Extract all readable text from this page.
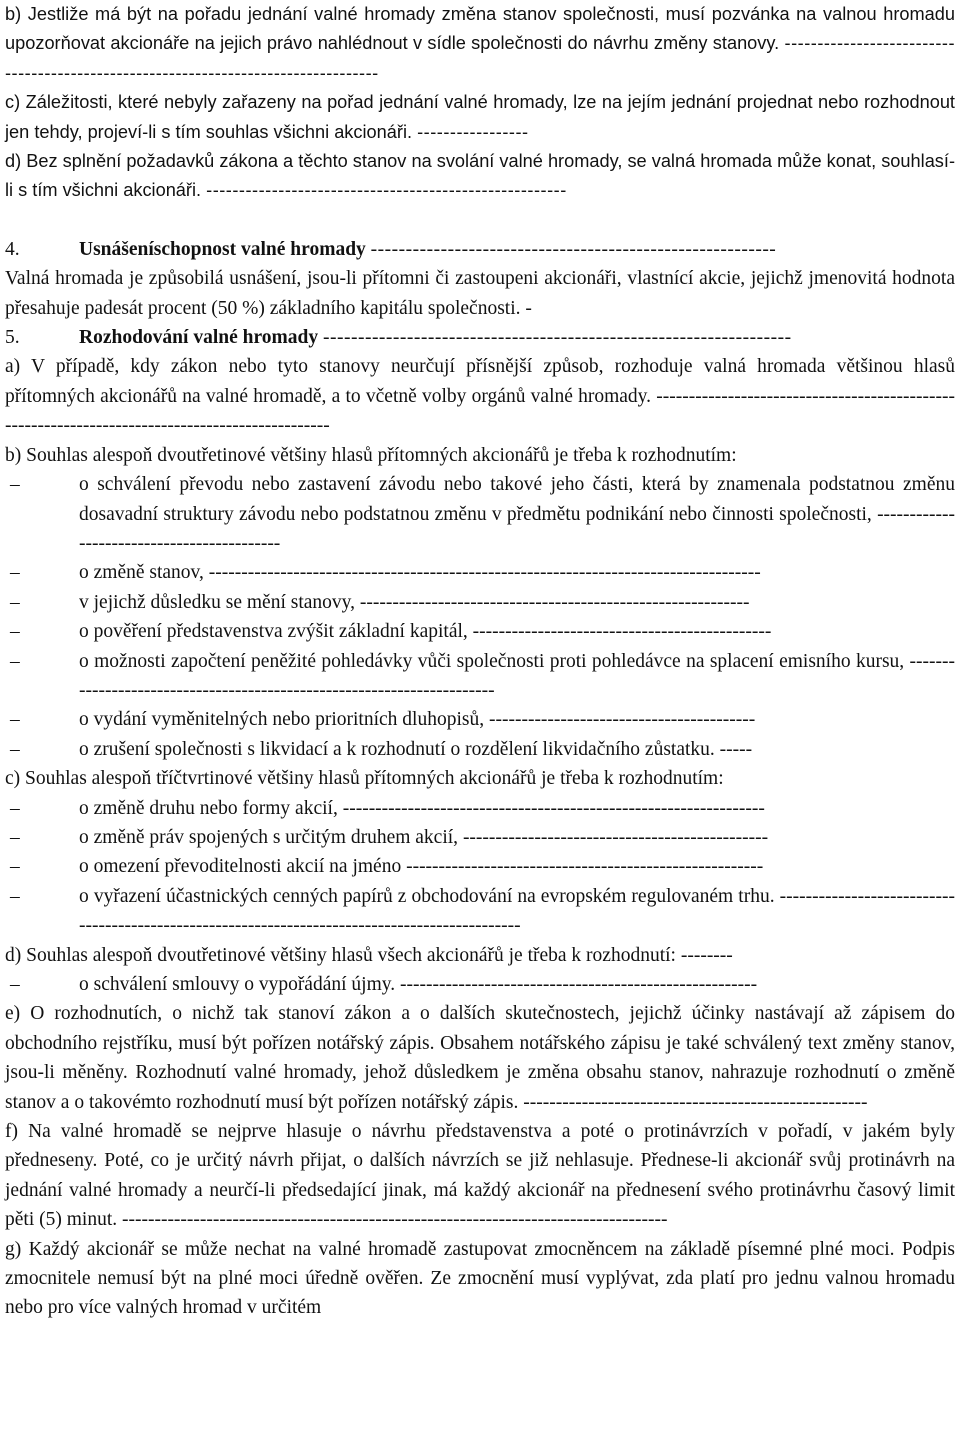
b) Jestliže má být na pořadu jednání valné hromady změna stanov společnosti, musí pozvánka na valnou hromadu upozorňovat akcionáře na jejich právo nahlédnout v sídle společnosti do návrhu změny stanovy. -----------------------------------------------------------------------------------

c) Záležitosti, které nebyly zařazeny na pořad jednání valné hromady, lze na jejím jednání projednat nebo rozhodnout jen tehdy, projeví-li s tím souhlas všichni akcionáři. -----------------

d) Bez splnění požadavků zákona a těchto stanov na svolání valné hromady, se valná hromada může konat, souhlasí-li s tím všichni akcionáři. -------------------------------------------------------

4.	Usnášeníschopnost valné hromady ----------------------------------------------------------

Valná hromada je způsobilá usnášení, jsou-li přítomni či zastoupeni akcionáři, vlastnící akcie, jejichž jmenovitá hodnota přesahuje padesát procent (50 %) základního kapitálu společnosti. -

5.	Rozhodování valné hromady -------------------------------------------------------------------

a) V případě, kdy zákon nebo tyto stanovy neurčují přísnější způsob, rozhoduje valná hromada většinou hlasů přítomných akcionářů na valné hromadě, a to včetně volby orgánů valné hromady. ------------------------------------------------------------------------------------------------

b) Souhlas alespoň dvoutřetinové většiny hlasů přítomných akcionářů je třeba k rozhodnutím:

–	o schválení převodu nebo zastavení závodu nebo takové jeho části, která by znamenala podstatnou změnu dosavadní struktury závodu nebo podstatnou změnu v předmětu podnikání nebo činnosti společnosti, -------------------------------------------
–	o změně stanov, -------------------------------------------------------------------------------------
–	v jejichž důsledku se mění stanovy, ------------------------------------------------------------
–	o pověření představenstva zvýšit základní kapitál, ----------------------------------------------
–	o možnosti započtení peněžité pohledávky vůči společnosti proti pohledávce na splacení emisního kursu, -----------------------------------------------------------------------
–	o vydání vyměnitelných nebo prioritních dluhopisů, -----------------------------------------
–	o zrušení společnosti s likvidací a k rozhodnutí o rozdělení likvidačního zůstatku. -----

c) Souhlas alespoň tříčtvrtinové většiny hlasů přítomných akcionářů je třeba k rozhodnutím:

–	o změně druhu nebo formy akcií, -----------------------------------------------------------------
–	o změně práv spojených s určitým druhem akcií, -----------------------------------------------
–	o omezení převoditelnosti akcií na jméno -------------------------------------------------------
–	o vyřazení účastnických cenných papírů z obchodování na evropském regulovaném trhu. -----------------------------------------------------------------------------------------------

d) Souhlas alespoň dvoutřetinové většiny hlasů všech akcionářů je třeba k rozhodnutí: --------

–	o schválení smlouvy o vypořádání újmy. -------------------------------------------------------

e) O rozhodnutích, o nichž tak stanoví zákon a o dalších skutečnostech, jejichž účinky nastávají až zápisem do obchodního rejstříku, musí být pořízen notářský zápis. Obsahem notářského zápisu je také schválený text změny stanov, jsou-li měněny. Rozhodnutí valné hromady, jehož důsledkem je změna obsahu stanov, nahrazuje rozhodnutí o změně stanov a o takovémto rozhodnutí musí být pořízen notářský zápis. -----------------------------------------------------

f) Na valné hromadě se nejprve hlasuje o návrhu představenstva a poté o protinávrzích v pořadí, v jakém byly předneseny. Poté, co je určitý návrh přijat, o dalších návrzích se již nehlasuje. Přednese-li akcionář svůj protinávrh na jednání valné hromady a neurčí-li předsedající jinak, má každý akcionář na přednesení svého protinávrhu časový limit pěti (5) minut. ------------------------------------------------------------------------------------

g) Každý akcionář se může nechat na valné hromadě zastupovat zmocněncem na základě písemné plné moci. Podpis zmocnitele nemusí být na plné moci úředně ověřen. Ze zmocnění musí vyplývat, zda platí pro jednu valnou hromadu nebo pro více valných hromad v určitém
